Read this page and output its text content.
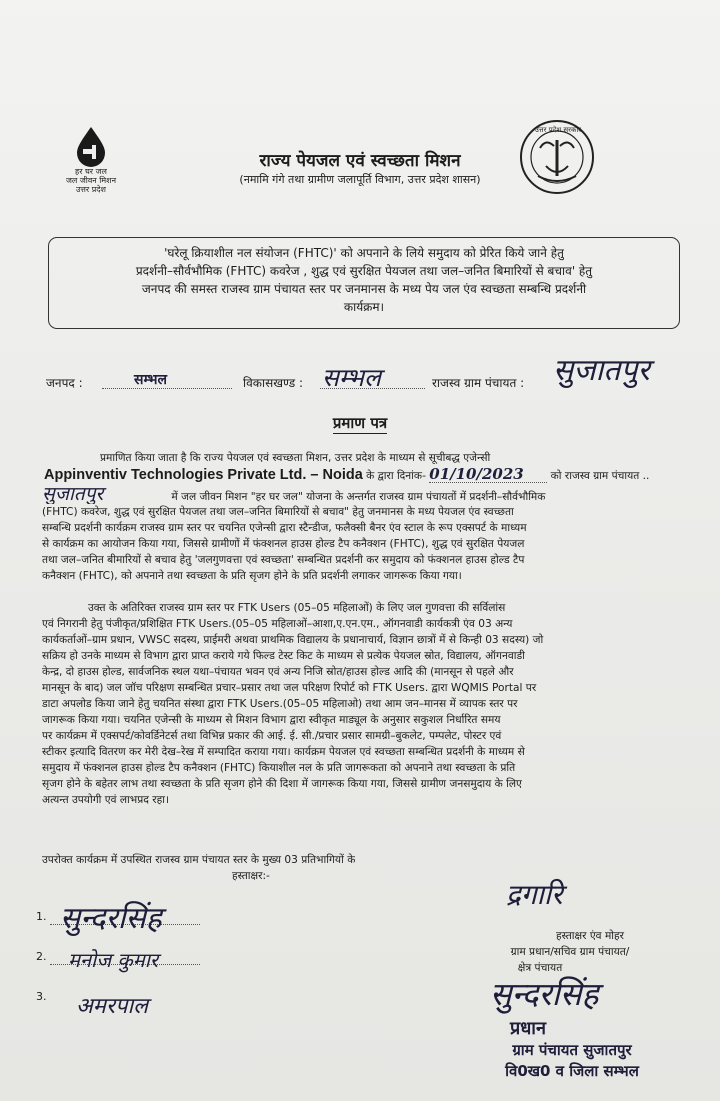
हर घर जल
जल जीवन मिशन
उत्तर प्रदेश
उत्तर प्रदेश सरकार
राज्य पेयजल एवं स्वच्छता मिशन
(नमामि गंगे तथा ग्रामीण जलापूर्ति विभाग, उत्तर प्रदेश शासन)
'घरेलू क्रियाशील नल संयोजन (FHTC)' को अपनाने के लिये समुदाय को प्रेरित किये जाने हेतु
प्रदर्शनी–सौर्वभौमिक (FHTC) कवरेज , शुद्ध एवं सुरक्षित पेयजल तथा जल–जनित बिमारियों से बचाव' हेतु
जनपद की समस्त राजस्व ग्राम पंचायत स्तर पर जनमानस के मध्य पेय जल एंव स्वच्छता सम्बन्धि प्रदर्शनी
कार्यक्रम।
जनपद :	सम्भल	विकासखण्ड : सम्भल	राजस्व ग्राम पंचायत : सुजातपुर
प्रमाण पत्र
प्रमाणित किया जाता है कि राज्य पेयजल एवं स्वच्छता मिशन, उत्तर प्रदेश के माध्यम से सूचीबद्ध एजेन्सी
Appinventiv Technologies Private Ltd. – Noida के द्वारा दिनांक- 01/10/2023	को राजस्व ग्राम पंचायत ..
सुजातपुर	में जल जीवन मिशन "हर घर जल" योजना के अन्तर्गत राजस्व ग्राम पंचायतों में प्रदर्शनी–सौर्वभौमिक
(FHTC) कवरेज, शुद्ध एवं सुरक्षित पेयजल तथा जल–जनित बिमारियों से बचाव" हेतु जनमानस के मध्य पेयजल एंव स्वच्छता
सम्बन्धि प्रदर्शनी कार्यक्रम राजस्व ग्राम स्तर पर चयनित एजेन्सी द्वारा स्टैन्डीज, फलैक्सी बैनर एंव स्टाल के रूप एक्सपर्ट के माध्यम
से कार्यक्रम का आयोजन किया गया, जिससे ग्रामीणों में फंक्शनल हाउस होल्ड टैप कनैक्शन (FHTC), शुद्ध एवं सुरक्षित पेयजल
तथा जल–जनित बीमारियों से बचाव हेतु 'जलगुणवत्ता एवं स्वच्छता' सम्बन्धित प्रदर्शनी कर समुदाय को फंक्शनल हाउस होल्ड टैप
कनैक्शन (FHTC), को अपनाने तथा स्वच्छता के प्रति सृजग होने के प्रति प्रदर्शनी लगाकर जागरूक किया गया।
उक्त के अतिरिक्त राजस्व ग्राम स्तर पर FTK Users (05–05 महिलाओं) के लिए जल गुणवत्ता की सर्विलांस
एवं निगरानी हेतु पंजीकृत/प्रशिक्षित FTK Users.(05–05 महिलाओं–आशा,ए.एन.एम., ऑगनवाडी कार्यकत्री एंव 03 अन्य
कार्यकर्ताओं–ग्राम प्रधान, VWSC सदस्य, प्राईमरी अथवा प्राथमिक विद्यालय के प्रधानाचार्य, विज्ञान छात्रों में से किन्ही 03 सदस्य) जो
सक्रिय हो उनके माध्यम से विभाग द्वारा प्राप्त कराये गये फिल्ड टेस्ट किट के माध्यम से प्रत्येक पेयजल स्रोत, विद्यालय, ऑगनवाडी
केन्द्र, दो हाउस होल्ड, सार्वजनिक स्थल यथा–पंचायत भवन एवं अन्य निजि स्रोत/हाउस होल्ड आदि की (मानसून से पहले और
मानसून के बाद) जल जॉच परिक्षण सम्बन्धित प्रचार–प्रसार तथा जल परिक्षण रिपोर्ट को FTK Users. द्वारा WQMIS Portal पर
डाटा अपलोड किया जाने हेतु चयनित संस्था द्वारा FTK Users.(05–05 महिलाओ) तथा आम जन–मानस में व्यापक स्तर पर
जागरूक किया गया। चयनित एजेन्सी के माध्यम से मिशन विभाग द्वारा स्वीकृत माड्यूल के अनुसार सकुशल निर्धारित समय
पर कार्यक्रम में एक्सपर्ट/कोवर्डिनेटर्स तथा विभिन्न प्रकार की आई. ई. सी./प्रचार प्रसार सामग्री–बुकलेट, पम्पलेट, पोस्टर एवं
स्टीकर इत्यादि वितरण कर मेरी देख–रेख में सम्पादित कराया गया। कार्यक्रम पेयजल एवं स्वच्छता सम्बन्धित प्रदर्शनी के माध्यम से
समुदाय में फंक्शनल हाउस होल्ड टैप कनैक्शन (FHTC) कियाशील नल के प्रति जागरूकता को अपनाने तथा स्वच्छता के प्रति
सृजग होने के बहेतर लाभ तथा स्वच्छता के प्रति सृजग होने की दिशा में जागरूक किया गया, जिससे ग्रामीण जनसमुदाय के लिए
अत्यन्त उपयोगी एवं लाभप्रद रहा।
उपरोक्त कार्यक्रम में उपस्थित राजस्व ग्राम पंचायत स्तर के मुख्य 03 प्रतिभागियों के
हस्ताक्षर:-
1. सुन्दरसिंह
2. मनोज कुमार
3. अमरपाल
द्रगारि
हस्ताक्षर एंव मोहर
ग्राम प्रधान/सचिव ग्राम पंचायत/
क्षेत्र पंचायत
सुन्दरसिंह
प्रधान
ग्राम पंचायत सुजातपुर
वि0ख0 व जिला सम्भल
